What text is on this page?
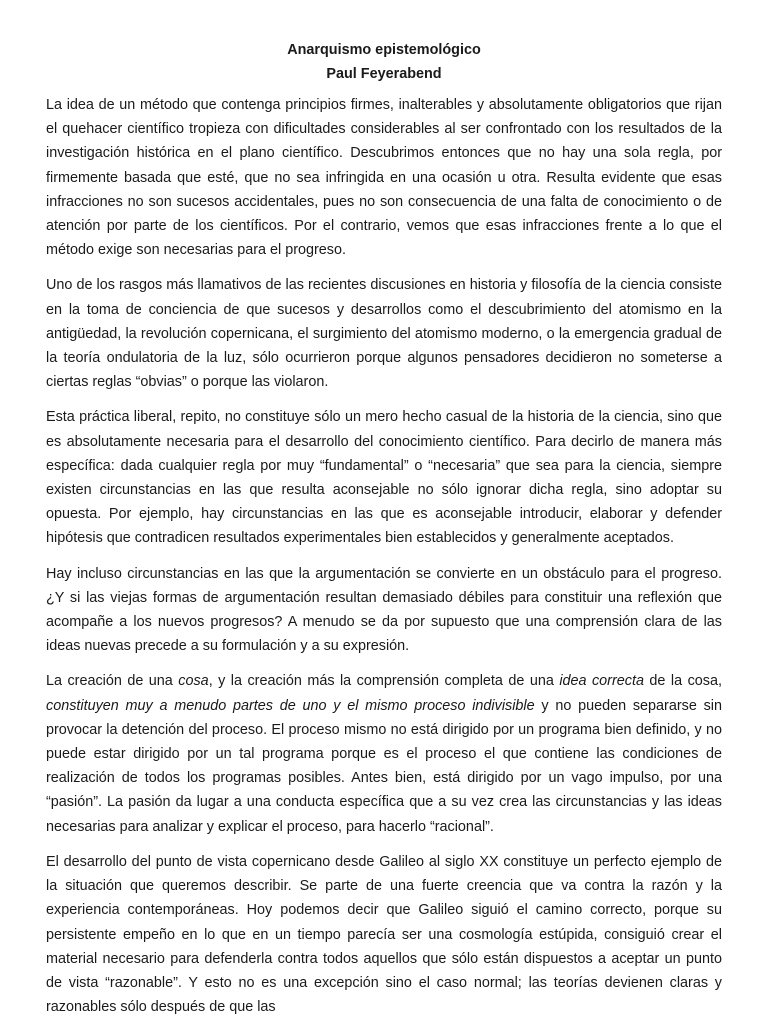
Anarquismo epistemológico
Paul Feyerabend

La idea de un método que contenga principios firmes, inalterables y absolutamente obligatorios que rijan el quehacer científico tropieza con dificultades considerables al ser confrontado con los resultados de la investigación histórica en el plano científico. Descubrimos entonces que no hay una sola regla, por firmemente basada que esté, que no sea infringida en una ocasión u otra. Resulta evidente que esas infracciones no son sucesos accidentales, pues no son consecuencia de una falta de conocimiento o de atención por parte de los científicos. Por el contrario, vemos que esas infracciones frente a lo que el método exige son necesarias para el progreso.

Uno de los rasgos más llamativos de las recientes discusiones en historia y filosofía de la ciencia consiste en la toma de conciencia de que sucesos y desarrollos como el descubrimiento del atomismo en la antigüedad, la revolución copernicana, el surgimiento del atomismo moderno, o la emergencia gradual de la teoría ondulatoria de la luz, sólo ocurrieron porque algunos pensadores decidieron no someterse a ciertas reglas “obvias” o porque las violaron.

Esta práctica liberal, repito, no constituye sólo un mero hecho casual de la historia de la ciencia, sino que es absolutamente necesaria para el desarrollo del conocimiento científico. Para decirlo de manera más específica: dada cualquier regla por muy “fundamental” o “necesaria” que sea para la ciencia, siempre existen circunstancias en las que resulta aconsejable no sólo ignorar dicha regla, sino adoptar su opuesta. Por ejemplo, hay circunstancias en las que es aconsejable introducir, elaborar y defender hipótesis que contradicen resultados experimentales bien establecidos y generalmente aceptados.

Hay incluso circunstancias en las que la argumentación se convierte en un obstáculo para el progreso. ¿Y si las viejas formas de argumentación resultan demasiado débiles para constituir una reflexión que acompañe a los nuevos progresos? A menudo se da por supuesto que una comprensión clara de las ideas nuevas precede a su formulación y a su expresión.

La creación de una cosa, y la creación más la comprensión completa de una idea correcta de la cosa, constituyen muy a menudo partes de uno y el mismo proceso indivisible y no pueden separarse sin provocar la detención del proceso. El proceso mismo no está dirigido por un programa bien definido, y no puede estar dirigido por un tal programa porque es el proceso el que contiene las condiciones de realización de todos los programas posibles. Antes bien, está dirigido por un vago impulso, por una “pasión”. La pasión da lugar a una conducta específica que a su vez crea las circunstancias y las ideas necesarias para analizar y explicar el proceso, para hacerlo “racional”.

El desarrollo del punto de vista copernicano desde Galileo al siglo XX constituye un perfecto ejemplo de la situación que queremos describir. Se parte de una fuerte creencia que va contra la razón y la experiencia contemporáneas. Hoy podemos decir que Galileo siguió el camino correcto, porque su persistente empeño en lo que en un tiempo parecía ser una cosmología estúpida, consiguió crear el material necesario para defenderla contra todos aquellos que sólo están dispuestos a aceptar un punto de vista “razonable”. Y esto no es una excepción sino el caso normal; las teorías devienen claras y razonables sólo después de que las
